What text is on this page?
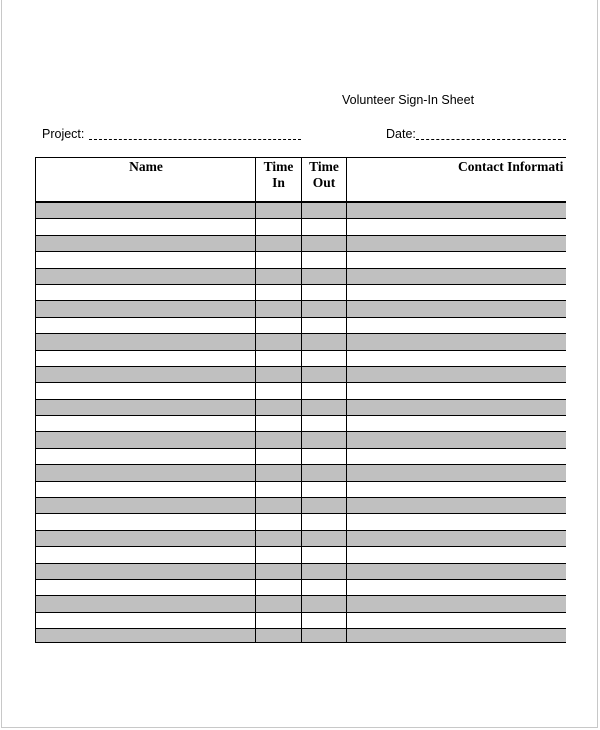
Volunteer Sign-In Sheet
Project:	Date:
Name	Time
In
Time
Out
Contact Informati
